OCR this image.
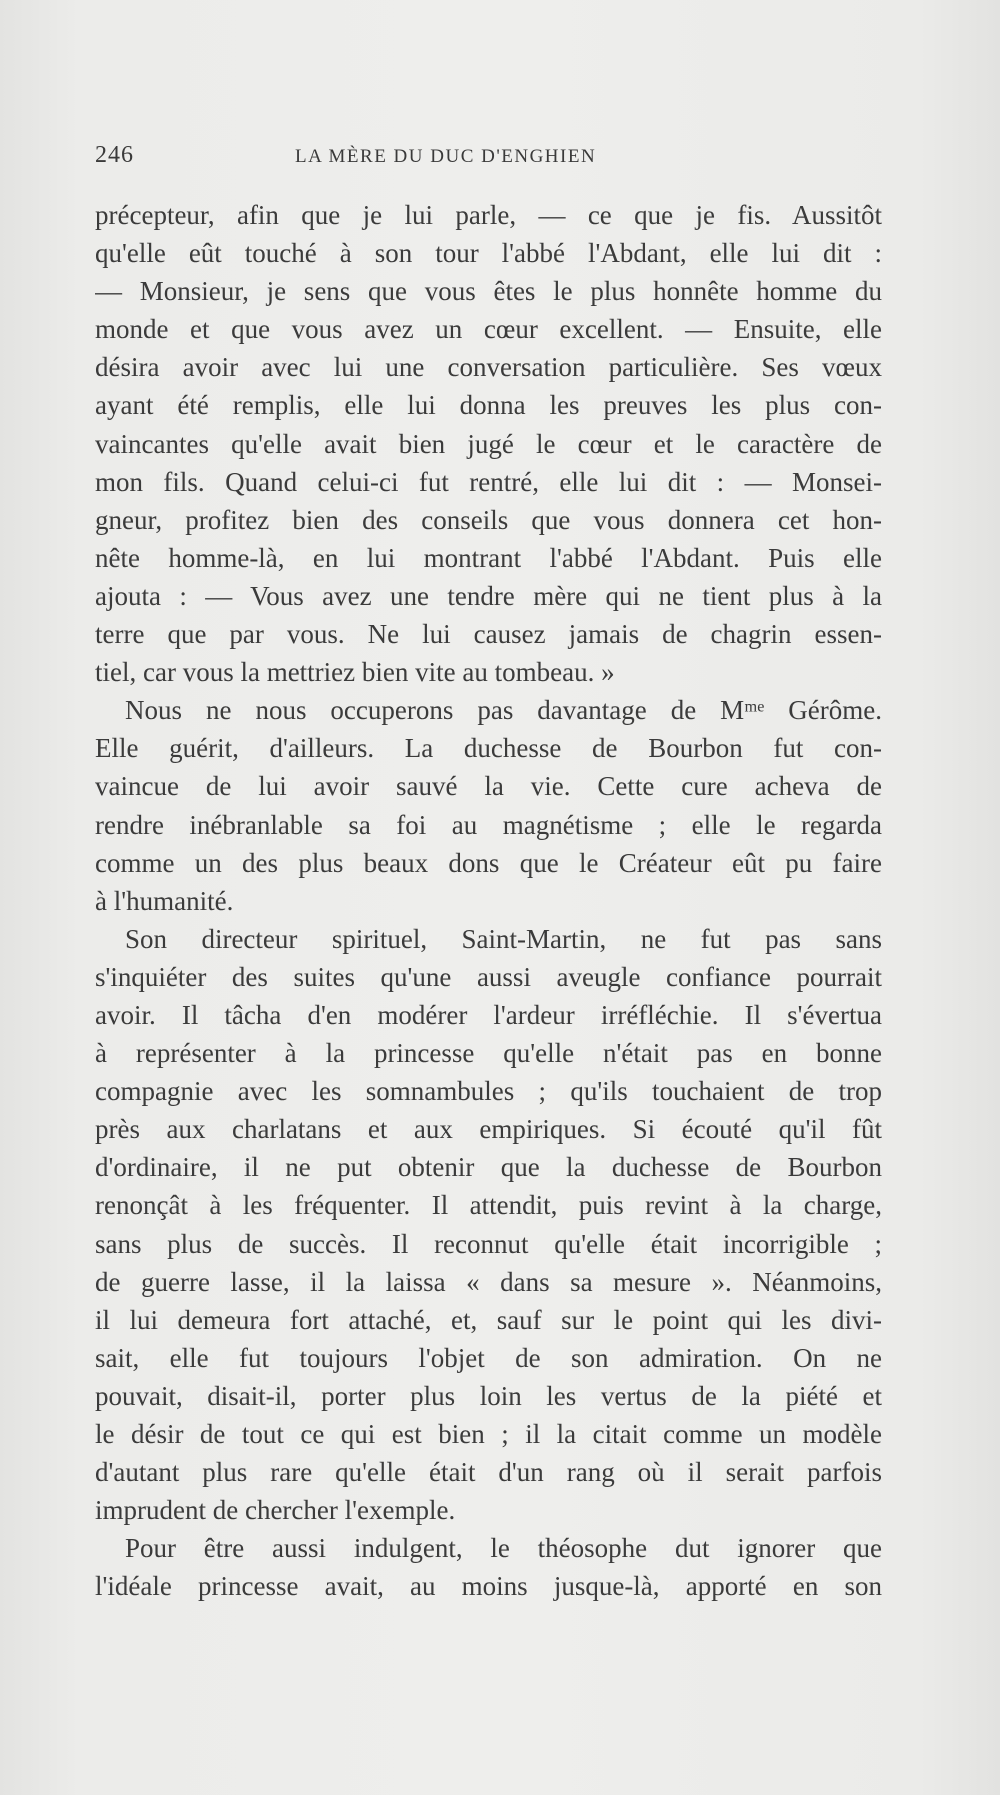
246	LA MÈRE DU DUC D'ENGHIEN
précepteur, afin que je lui parle, — ce que je fis. Aussitôt
qu'elle eût touché à son tour l'abbé l'Abdant, elle lui dit :
— Monsieur, je sens que vous êtes le plus honnête homme du
monde et que vous avez un cœur excellent. — Ensuite, elle
désira avoir avec lui une conversation particulière. Ses vœux
ayant été remplis, elle lui donna les preuves les plus con-
vaincantes qu'elle avait bien jugé le cœur et le caractère de
mon fils. Quand celui-ci fut rentré, elle lui dit : — Monsei-
gneur, profitez bien des conseils que vous donnera cet hon-
nête homme-là, en lui montrant l'abbé l'Abdant. Puis elle
ajouta : — Vous avez une tendre mère qui ne tient plus à la
terre que par vous. Ne lui causez jamais de chagrin essen-
tiel, car vous la mettriez bien vite au tombeau. »
Nous ne nous occuperons pas davantage de Mᵐᵉ Gérôme.
Elle guérit, d'ailleurs. La duchesse de Bourbon fut con-
vaincue de lui avoir sauvé la vie. Cette cure acheva de
rendre inébranlable sa foi au magnétisme ; elle le regarda
comme un des plus beaux dons que le Créateur eût pu faire
à l'humanité.
Son directeur spirituel, Saint-Martin, ne fut pas sans
s'inquiéter des suites qu'une aussi aveugle confiance pourrait
avoir. Il tâcha d'en modérer l'ardeur irréfléchie. Il s'évertua
à représenter à la princesse qu'elle n'était pas en bonne
compagnie avec les somnambules ; qu'ils touchaient de trop
près aux charlatans et aux empiriques. Si écouté qu'il fût
d'ordinaire, il ne put obtenir que la duchesse de Bourbon
renonçât à les fréquenter. Il attendit, puis revint à la charge,
sans plus de succès. Il reconnut qu'elle était incorrigible ;
de guerre lasse, il la laissa « dans sa mesure ». Néanmoins,
il lui demeura fort attaché, et, sauf sur le point qui les divi-
sait, elle fut toujours l'objet de son admiration. On ne
pouvait, disait-il, porter plus loin les vertus de la piété et
le désir de tout ce qui est bien ; il la citait comme un modèle
d'autant plus rare qu'elle était d'un rang où il serait parfois
imprudent de chercher l'exemple.
Pour être aussi indulgent, le théosophe dut ignorer que
l'idéale princesse avait, au moins jusque-là, apporté en son
